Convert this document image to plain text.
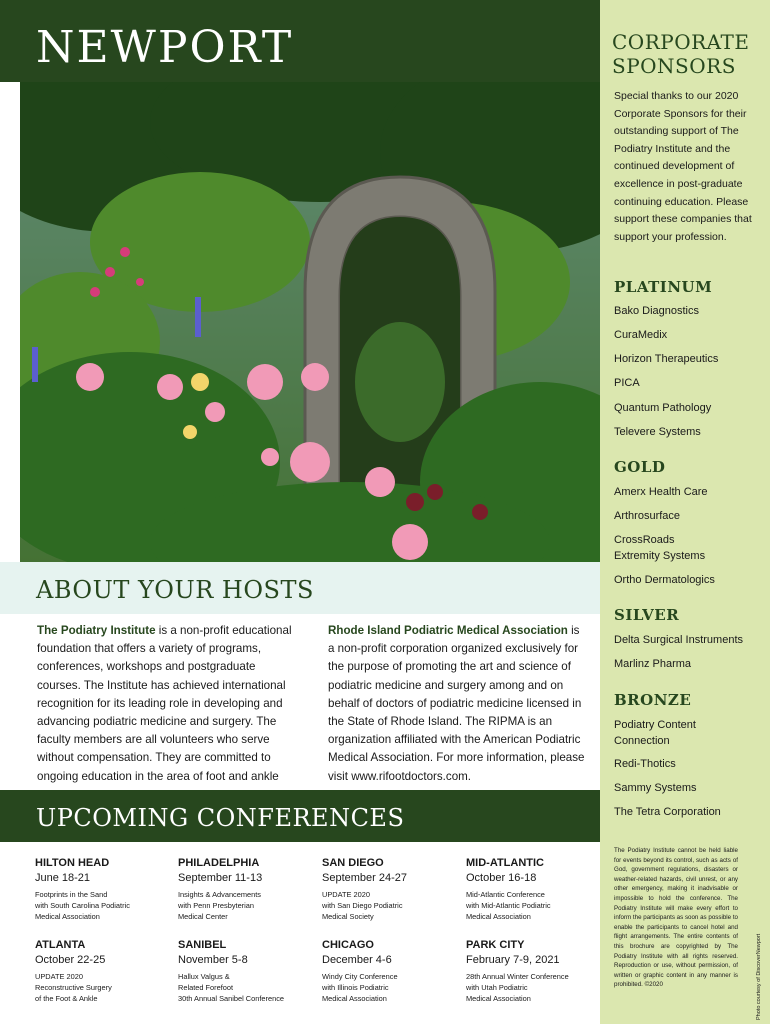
NEWPORT
ABOUT YOUR HOSTS
The Podiatry Institute is a non-profit educational foundation that offers a variety of programs, conferences, workshops and postgraduate courses. The Institute has achieved international recognition for its leading role in developing and advancing podiatric medicine and surgery. The faculty members are all volunteers who serve without compensation. They are committed to ongoing education in the area of foot and ankle
Rhode Island Podiatric Medical Association is a non-profit corporation organized exclusively for the purpose of promoting the art and science of podiatric medicine and surgery among and on behalf of doctors of podiatric medicine licensed in the State of Rhode Island. The RIPMA is an organization affiliated with the American Podiatric Medical Association. For more information, please visit www.rifootdoctors.com.
UPCOMING CONFERENCES
HILTON HEAD
June 18-21
Footprints in the Sand
with South Carolina Podiatric
Medical Association
PHILADELPHIA
September 11-13
Insights & Advancements
with Penn Presbyterian
Medical Center
SAN DIEGO
September 24-27
UPDATE 2020
with San Diego Podiatric
Medical Society
MID-ATLANTIC
October 16-18
Mid-Atlantic Conference
with Mid-Atlantic Podiatric
Medical Association
ATLANTA
October 22-25
UPDATE 2020
Reconstructive Surgery
of the Foot & Ankle
SANIBEL
November 5-8
Hallux Valgus &
Related Forefoot
30th Annual Sanibel Conference
CHICAGO
December 4-6
Windy City Conference
with Illinois Podiatric
Medical Association
PARK CITY
February 7-9, 2021
28th Annual Winter Conference
with Utah Podiatric
Medical Association
CORPORATE
SPONSORS
Special thanks to our 2020 Corporate Sponsors for their outstanding support of The Podiatry Institute and the continued development of excellence in post-graduate continuing education. Please support these companies that support your profession.
PLATINUM
GOLD
SILVER
BRONZE
Bako Diagnostics
CuraMedix
Horizon Therapeutics
PICA
Quantum Pathology
Televere Systems
Amerx Health Care
Arthrosurface
CrossRoads
Extremity Systems
Ortho Dermatologics
Delta Surgical Instruments
Marlinz Pharma
Podiatry Content
Connection
Redi-Thotics
Sammy Systems
The Tetra Corporation
The Podiatry Institute cannot be held liable for events beyond its control, such as acts of God, government regulations, disasters or weather-related hazards, civil unrest, or any other emergency, making it inadvisable or impossible to hold the conference. The Podiatry Institute will make every effort to inform the participants as soon as possible to enable the participants to cancel hotel and flight arrangements. The entire contents of this brochure are copyrighted by The Podiatry Institute with all rights reserved. Reproduction or use, without permission, of written or graphic content in any manner is prohibited. ©2020	Photo courtesy of DiscoverNewport
